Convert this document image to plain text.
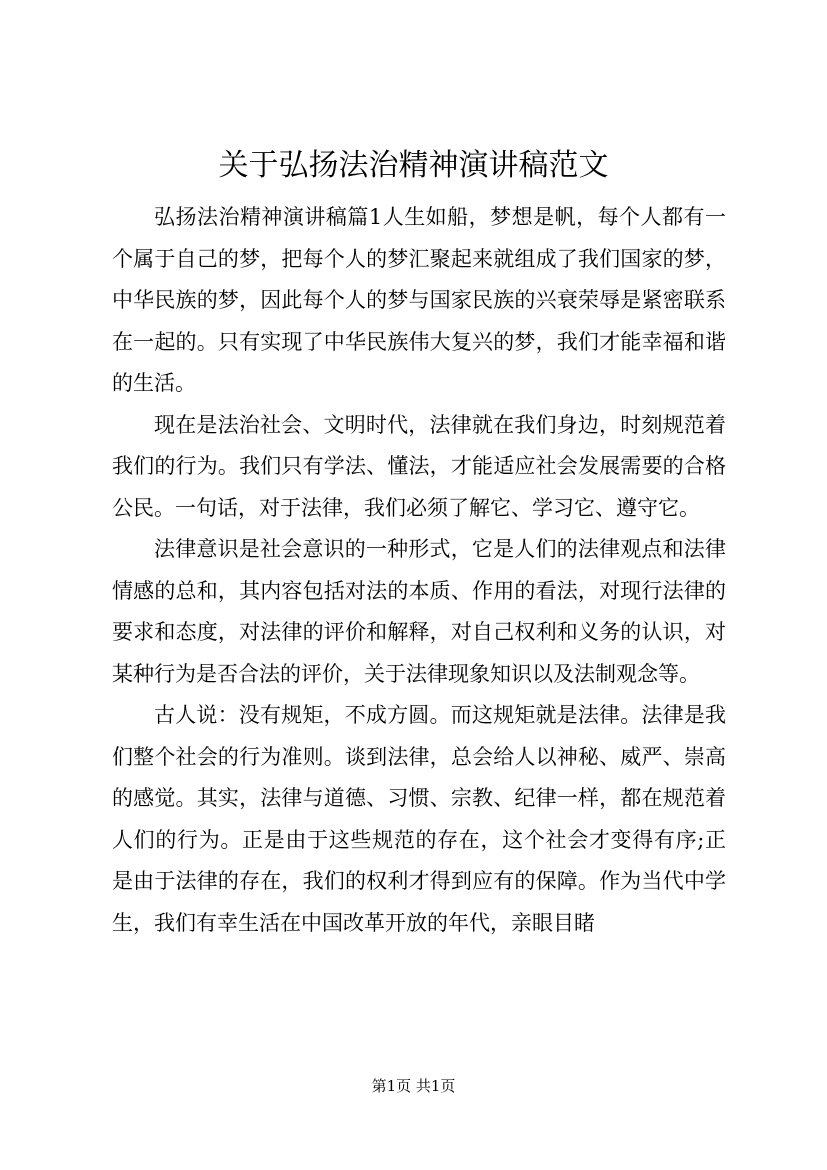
关于弘扬法治精神演讲稿范文

弘扬法治精神演讲稿篇1人生如船，梦想是帆，每个人都有一个属于自己的梦，把每个人的梦汇聚起来就组成了我们国家的梦，中华民族的梦，因此每个人的梦与国家民族的兴衰荣辱是紧密联系在一起的。只有实现了中华民族伟大复兴的梦，我们才能幸福和谐的生活。

现在是法治社会、文明时代，法律就在我们身边，时刻规范着我们的行为。我们只有学法、懂法，才能适应社会发展需要的合格公民。一句话，对于法律，我们必须了解它、学习它、遵守它。

法律意识是社会意识的一种形式，它是人们的法律观点和法律情感的总和，其内容包括对法的本质、作用的看法，对现行法律的要求和态度，对法律的评价和解释，对自己权利和义务的认识，对某种行为是否合法的评价，关于法律现象知识以及法制观念等。

古人说：没有规矩，不成方圆。而这规矩就是法律。法律是我们整个社会的行为准则。谈到法律，总会给人以神秘、威严、崇高的感觉。其实，法律与道德、习惯、宗教、纪律一样，都在规范着人们的行为。正是由于这些规范的存在，这个社会才变得有序;正是由于法律的存在，我们的权利才得到应有的保障。作为当代中学生，我们有幸生活在中国改革开放的年代，亲眼目睹

第1页 共1页
